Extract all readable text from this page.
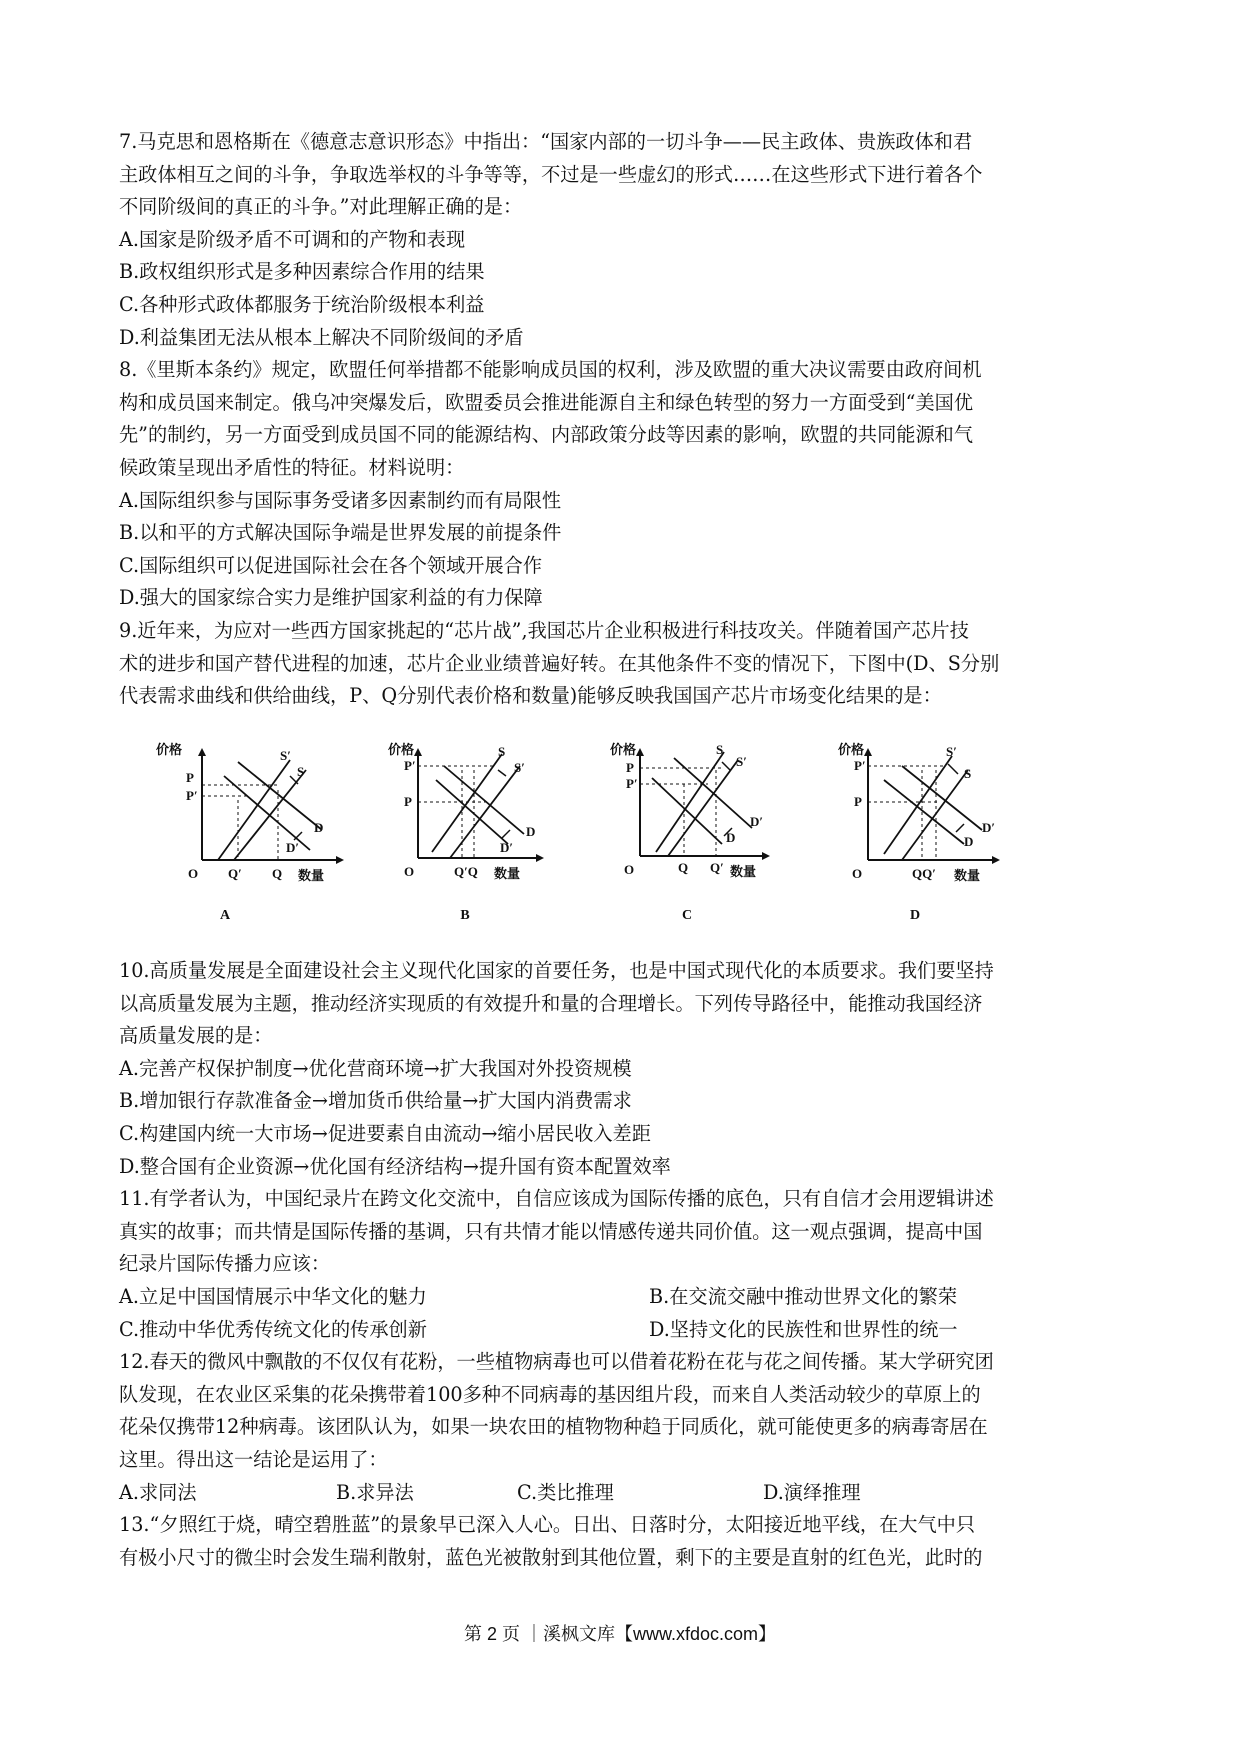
7.马克思和恩格斯在《德意志意识形态》中指出：“国家内部的一切斗争——民主政体、贵族政体和君
主政体相互之间的斗争，争取选举权的斗争等等，不过是一些虚幻的形式……在这些形式下进行着各个
不同阶级间的真正的斗争。”对此理解正确的是：
A.国家是阶级矛盾不可调和的产物和表现
B.政权组织形式是多种因素综合作用的结果
C.各种形式政体都服务于统治阶级根本利益
D.利益集团无法从根本上解决不同阶级间的矛盾
8.《里斯本条约》规定，欧盟任何举措都不能影响成员国的权利，涉及欧盟的重大决议需要由政府间机
构和成员国来制定。俄乌冲突爆发后，欧盟委员会推进能源自主和绿色转型的努力一方面受到“美国优
先”的制约，另一方面受到成员国不同的能源结构、内部政策分歧等因素的影响，欧盟的共同能源和气
候政策呈现出矛盾性的特征。材料说明：
A.国际组织参与国际事务受诸多因素制约而有局限性
B.以和平的方式解决国际争端是世界发展的前提条件
C.国际组织可以促进国际社会在各个领域开展合作
D.强大的国家综合实力是维护国家利益的有力保障
9.近年来，为应对一些西方国家挑起的“芯片战”,我国芯片企业积极进行科技攻关。伴随着国产芯片技
术的进步和国产替代进程的加速，芯片企业业绩普遍好转。在其他条件不变的情况下，下图中(D、S分别
代表需求曲线和供给曲线，P、Q分别代表价格和数量)能够反映我国国产芯片市场变化结果的是：
价格
P
P′
O Q′ Q 数量
S′
S
D
D′
A
价格
P′
P
O	Q′Q 数量
S
S′
D
D′
B
价格
P
P′
O	Q Q′ 数量
S
S′
D
D′
C
价格
P′
P
O	QQ′ 数量
S′
S
D′
D
D
10.高质量发展是全面建设社会主义现代化国家的首要任务，也是中国式现代化的本质要求。我们要坚持
以高质量发展为主题，推动经济实现质的有效提升和量的合理增长。下列传导路径中，能推动我国经济
高质量发展的是：
A.完善产权保护制度→优化营商环境→扩大我国对外投资规模
B.增加银行存款准备金→增加货币供给量→扩大国内消费需求
C.构建国内统一大市场→促进要素自由流动→缩小居民收入差距
D.整合国有企业资源→优化国有经济结构→提升国有资本配置效率
11.有学者认为，中国纪录片在跨文化交流中，自信应该成为国际传播的底色，只有自信才会用逻辑讲述
真实的故事；而共情是国际传播的基调，只有共情才能以情感传递共同价值。这一观点强调，提高中国
纪录片国际传播力应该：
A.立足中国国情展示中华文化的魅力	B.在交流交融中推动世界文化的繁荣
C.推动中华优秀传统文化的传承创新	D.坚持文化的民族性和世界性的统一
12.春天的微风中飘散的不仅仅有花粉，一些植物病毒也可以借着花粉在花与花之间传播。某大学研究团
队发现，在农业区采集的花朵携带着100多种不同病毒的基因组片段，而来自人类活动较少的草原上的
花朵仅携带12种病毒。该团队认为，如果一块农田的植物物种趋于同质化，就可能使更多的病毒寄居在
这里。得出这一结论是运用了：
A.求同法	B.求异法	C.类比推理	D.演绎推理
13.“夕照红于烧，晴空碧胜蓝”的景象早已深入人心。日出、日落时分，太阳接近地平线，在大气中只
有极小尺寸的微尘时会发生瑞利散射，蓝色光被散射到其他位置，剩下的主要是直射的红色光，此时的
第 2 页 ｜溪枫文库【www.xfdoc.com】
